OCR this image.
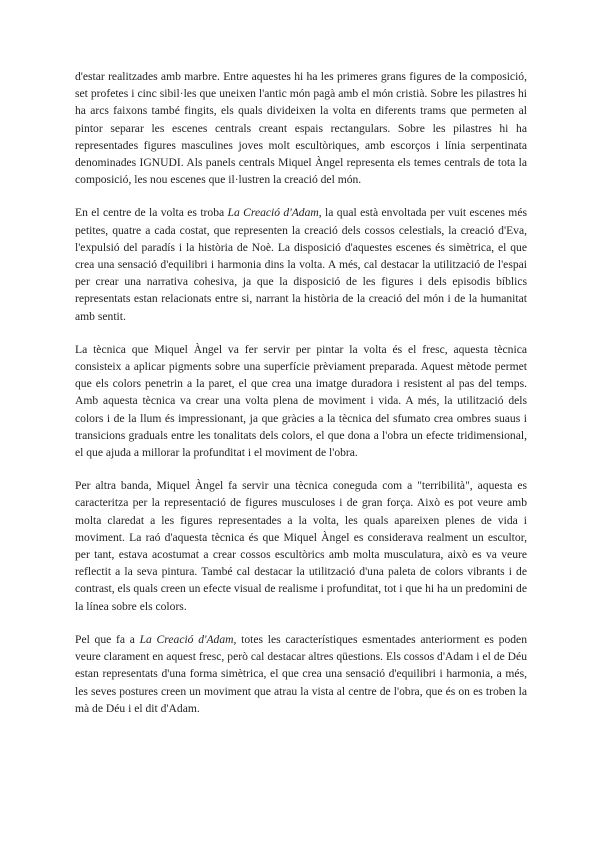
d'estar realitzades amb marbre. Entre aquestes hi ha les primeres grans figures de la composició, set profetes i cinc sibil·les que uneixen l'antic món pagà amb el món cristià. Sobre les pilastres hi ha arcs faixons també fingits, els quals divideixen la volta en diferents trams que permeten al pintor separar les escenes centrals creant espais rectangulars. Sobre les pilastres hi ha representades figures masculines joves molt escultòriques, amb escorços i línia serpentinata denominades IGNUDI. Als panels centrals Miquel Àngel representa els temes centrals de tota la composició, les nou escenes que il·lustren la creació del món.

En el centre de la volta es troba La Creació d'Adam, la qual està envoltada per vuit escenes més petites, quatre a cada costat, que representen la creació dels cossos celestials, la creació d'Eva, l'expulsió del paradís i la història de Noè. La disposició d'aquestes escenes és simètrica, el que crea una sensació d'equilibri i harmonia dins la volta. A més, cal destacar la utilització de l'espai per crear una narrativa cohesiva, ja que la disposició de les figures i dels episodis bíblics representats estan relacionats entre si, narrant la història de la creació del món i de la humanitat amb sentit.

La tècnica que Miquel Àngel va fer servir per pintar la volta és el fresc, aquesta tècnica consisteix a aplicar pigments sobre una superfície prèviament preparada. Aquest mètode permet que els colors penetrin a la paret, el que crea una imatge duradora i resistent al pas del temps. Amb aquesta tècnica va crear una volta plena de moviment i vida. A més, la utilització dels colors i de la llum és impressionant, ja que gràcies a la tècnica del sfumato crea ombres suaus i transicions graduals entre les tonalitats dels colors, el que dona a l'obra un efecte tridimensional, el que ajuda a millorar la profunditat i el moviment de l'obra.

Per altra banda, Miquel Àngel fa servir una tècnica coneguda com a "terribilità", aquesta es caracteritza per la representació de figures musculoses i de gran força. Això es pot veure amb molta claredat a les figures representades a la volta, les quals apareixen plenes de vida i moviment. La raó d'aquesta tècnica és que Miquel Àngel es considerava realment un escultor, per tant, estava acostumat a crear cossos escultòrics amb molta musculatura, això es va veure reflectit a la seva pintura. També cal destacar la utilització d'una paleta de colors vibrants i de contrast, els quals creen un efecte visual de realisme i profunditat, tot i que hi ha un predomini de la línea sobre els colors.

Pel que fa a La Creació d'Adam, totes les característiques esmentades anteriorment es poden veure clarament en aquest fresc, però cal destacar altres qüestions. Els cossos d'Adam i el de Déu estan representats d'una forma simètrica, el que crea una sensació d'equilibri i harmonia, a més, les seves postures creen un moviment que atrau la vista al centre de l'obra, que és on es troben la mà de Déu i el dit d'Adam.
